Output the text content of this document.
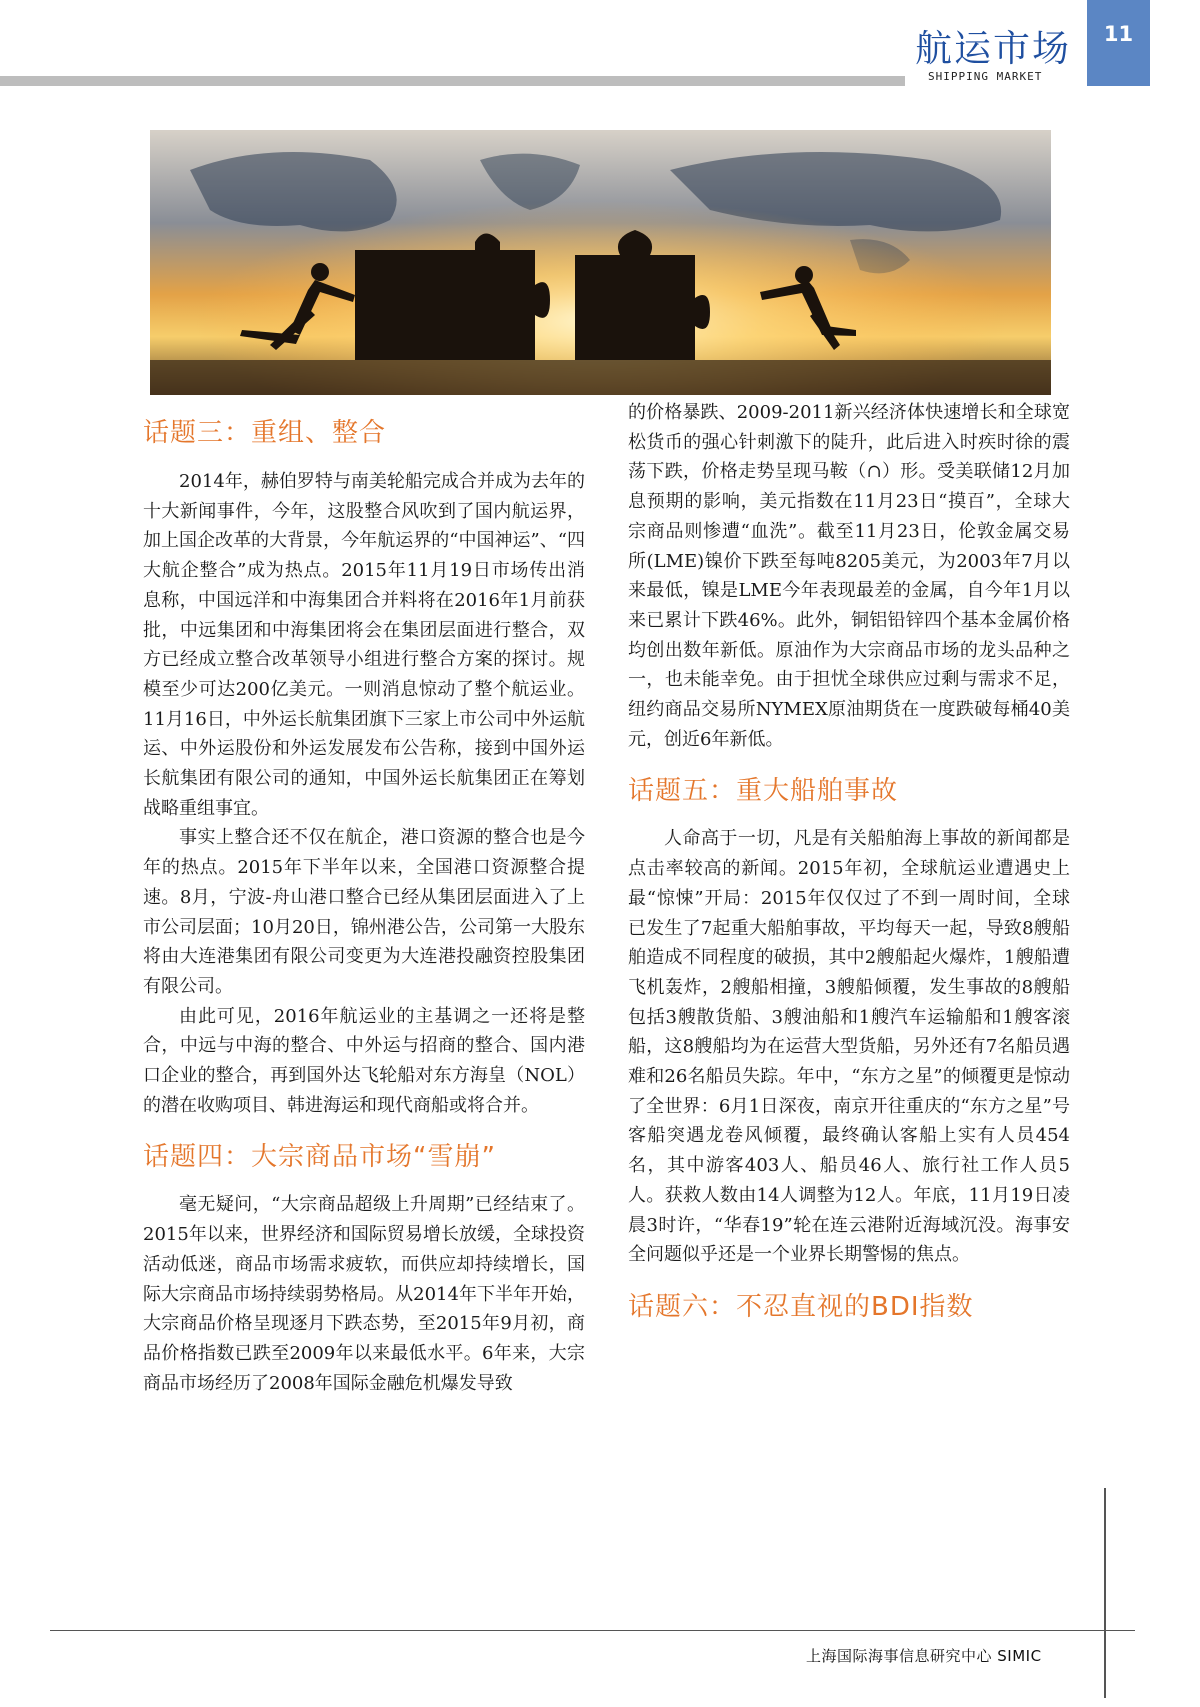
航运市场
SHIPPING MARKET
11
话题三：重组、整合

2014年，赫伯罗特与南美轮船完成合并成为去年的十大新闻事件，今年，这股整合风吹到了国内航运界，加上国企改革的大背景，今年航运界的“中国神运”、“四大航企整合”成为热点。2015年11月19日市场传出消息称，中国远洋和中海集团合并料将在2016年1月前获批，中远集团和中海集团将会在集团层面进行整合，双方已经成立整合改革领导小组进行整合方案的探讨。规模至少可达200亿美元。一则消息惊动了整个航运业。11月16日，中外运长航集团旗下三家上市公司中外运航运、中外运股份和外运发展发布公告称，接到中国外运长航集团有限公司的通知，中国外运长航集团正在筹划战略重组事宜。

事实上整合还不仅在航企，港口资源的整合也是今年的热点。2015年下半年以来，全国港口资源整合提速。8月，宁波-舟山港口整合已经从集团层面进入了上市公司层面；10月20日，锦州港公告，公司第一大股东将由大连港集团有限公司变更为大连港投融资控股集团有限公司。

由此可见，2016年航运业的主基调之一还将是整合，中远与中海的整合、中外运与招商的整合、国内港口企业的整合，再到国外达飞轮船对东方海皇（NOL）的潜在收购项目、韩进海运和现代商船或将合并。

话题四：大宗商品市场“雪崩”

毫无疑问，“大宗商品超级上升周期”已经结束了。2015年以来，世界经济和国际贸易增长放缓，全球投资活动低迷，商品市场需求疲软，而供应却持续增长，国际大宗商品市场持续弱势格局。从2014年下半年开始，大宗商品价格呈现逐月下跌态势，至2015年9月初，商品价格指数已跌至2009年以来最低水平。6年来，大宗商品市场经历了2008年国际金融危机爆发导致

的价格暴跌、2009-2011新兴经济体快速增长和全球宽松货币的强心针刺激下的陡升，此后进入时疾时徐的震荡下跌，价格走势呈现马鞍（∩）形。受美联储12月加息预期的影响，美元指数在11月23日“摸百”，全球大宗商品则惨遭“血洗”。截至11月23日，伦敦金属交易所(LME)镍价下跌至每吨8205美元，为2003年7月以来最低，镍是LME今年表现最差的金属，自今年1月以来已累计下跌46%。此外，铜铝铅锌四个基本金属价格均创出数年新低。原油作为大宗商品市场的龙头品种之一，也未能幸免。由于担忧全球供应过剩与需求不足，纽约商品交易所NYMEX原油期货在一度跌破每桶40美元，创近6年新低。

话题五：重大船舶事故

人命高于一切，凡是有关船舶海上事故的新闻都是点击率较高的新闻。2015年初，全球航运业遭遇史上最“惊悚”开局：2015年仅仅过了不到一周时间，全球已发生了7起重大船舶事故，平均每天一起，导致8艘船舶造成不同程度的破损，其中2艘船起火爆炸，1艘船遭飞机轰炸，2艘船相撞，3艘船倾覆，发生事故的8艘船包括3艘散货船、3艘油船和1艘汽车运输船和1艘客滚船，这8艘船均为在运营大型货船，另外还有7名船员遇难和26名船员失踪。年中，“东方之星”的倾覆更是惊动了全世界：6月1日深夜，南京开往重庆的“东方之星”号客船突遇龙卷风倾覆，最终确认客船上实有人员454名，其中游客403人、船员46人、旅行社工作人员5人。获救人数由14人调整为12人。年底，11月19日凌晨3时许，“华春19”轮在连云港附近海域沉没。海事安全问题似乎还是一个业界长期警惕的焦点。

话题六：不忍直视的BDI指数
上海国际海事信息研究中心 SIMIC
